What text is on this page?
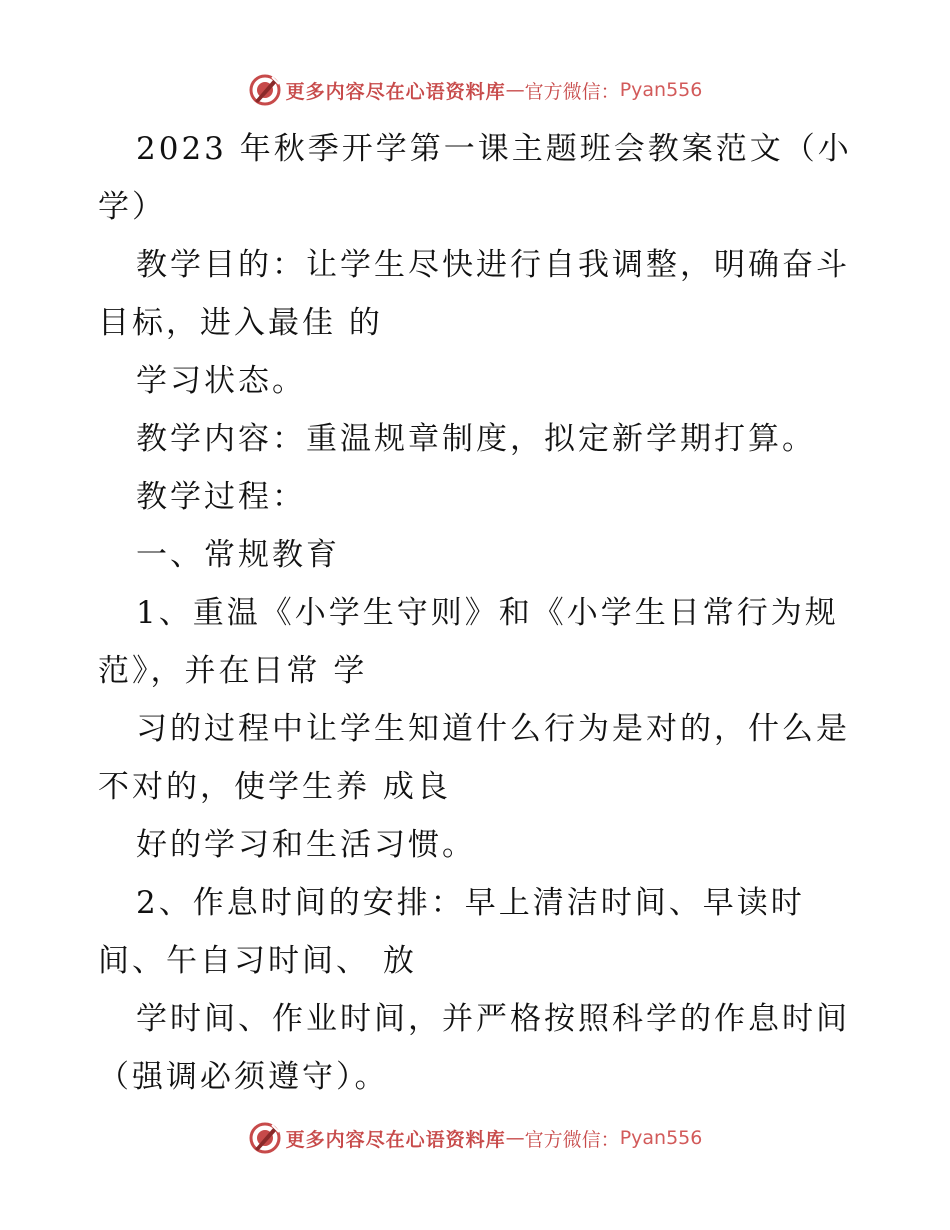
更多内容尽在心语资料库 — 官方微信： Pyan556
2023 年秋季开学第一课主题班会教案范文（小
学）
教学目的：让学生尽快进行自我调整，明确奋斗
目标，进入最佳 的
学习状态。
教学内容：重温规章制度，拟定新学期打算。
教学过程：
一、常规教育
1、重温《小学生守则》和《小学生日常行为规
范》，并在日常 学
习的过程中让学生知道什么行为是对的，什么是
不对的，使学生养 成良
好的学习和生活习惯。
2、作息时间的安排：早上清洁时间、早读时
间、午自习时间、 放
学时间、作业时间，并严格按照科学的作息时间
（强调必须遵守）。
更多内容尽在心语资料库 — 官方微信： Pyan556
